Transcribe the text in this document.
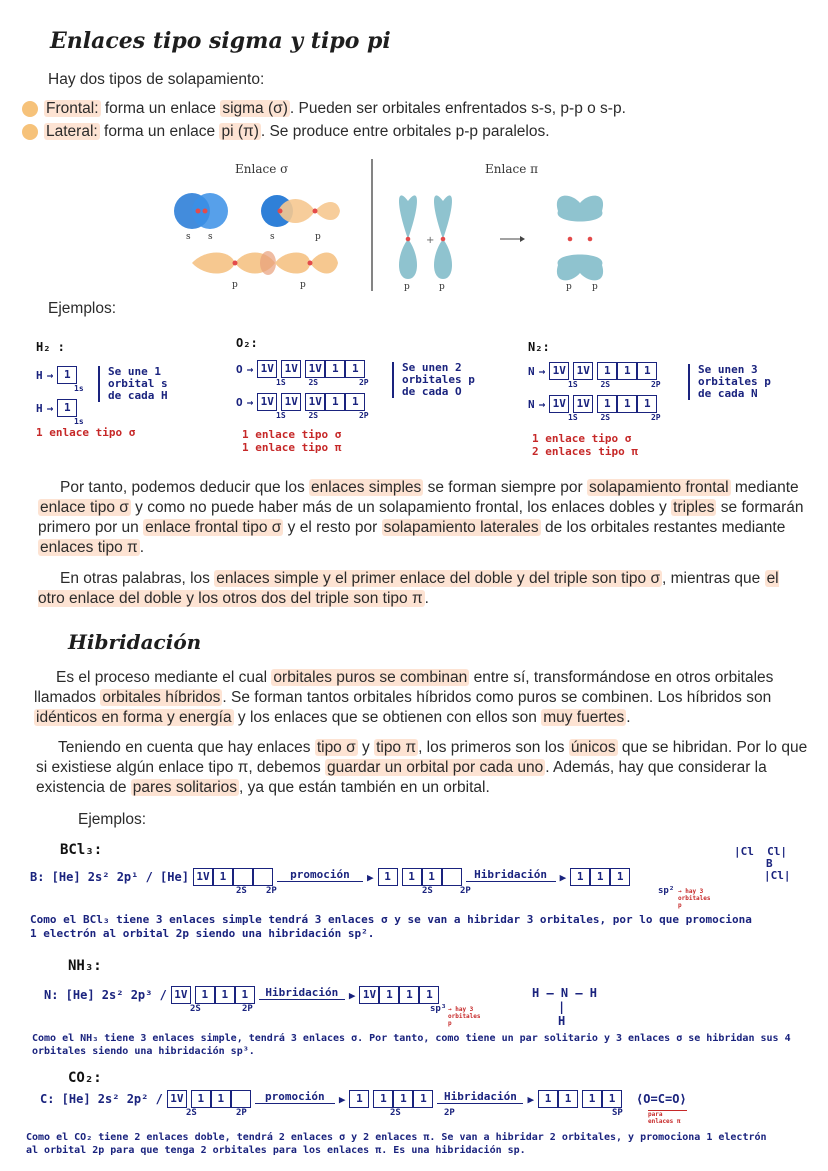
Enlaces tipo sigma y tipo pi
Hay dos tipos de solapamiento:
Frontal: forma un enlace sigma (σ) . Pueden ser orbitales enfrentados s-s, p-p o s-p.
Lateral: forma un enlace pi (π) . Se produce entre orbitales p-p paralelos.
Enlace σ	Enlace π
s s	s	p
p	p
+
p	p	p p
Ejemplos:
H₂ :
H → 1
1s
H → 1
1s
Se une 1
orbital s
de cada H
1 enlace tipo σ
O₂:
O → 1V 1V 1V 1 1
1S	2S	2P
O → 1V 1V 1V 1 1
1S	2S	2P
Se unen 2
orbitales p
de cada O
1 enlace tipo σ
1 enlace tipo π
N₂:
N → 1V 1V	1 1 1
1S	2S	2P
N → 1V 1V	1 1 1
1S	2S	2P
Se unen 3
orbitales p
de cada N
1 enlace tipo σ
2 enlaces tipo π
Por tanto, podemos deducir que los enlaces simples se forman siempre por solapamiento frontal mediante enlace tipo σ y como no puede haber más de un solapamiento frontal, los enlaces dobles y triples se formarán primero por un enlace frontal tipo σ y el resto por solapamiento laterales de los orbitales restantes mediante enlaces tipo π .
En otras palabras, los enlaces simple y el primer enlace del doble y del triple son tipo σ , mientras que el otro enlace del doble y los otros dos del triple son tipo π .
Hibridación
Es el proceso mediante el cual orbitales puros se combinan entre sí, transformándose en otros orbitales llamados orbitales híbridos . Se forman tantos orbitales híbridos como puros se combinen. Los híbridos son idénticos en forma y energía y los enlaces que se obtienen con ellos son muy fuertes .
Teniendo en cuenta que hay enlaces tipo σ y tipo π , los primeros son los únicos que se hibridan. Por lo que si existiese algún enlace tipo π, debemos guardar un orbital por cada uno . Además, hay que considerar la existencia de pares solitarios , ya que están también en un orbital.
Ejemplos:
BCl₃:
B: [He] 2s² 2p¹ / [He] 1V 1	promoción	▶ 1	1 1	Hibridación	▶ 1 1 1
2S 2P	2S	2P	sp² → hay 3 orbitales p
|Cl Cl|
B
|Cl|
Como el BCl₃ tiene 3 enlaces simple tendrá 3 enlaces σ y se van a hibridar 3 orbitales, por lo que promociona
1 electrón al orbital 2p siendo una hibridación sp².
NH₃:
N: [He] 2s² 2p³ / 1V	1 1 1	Hibridación ▶ 1V 1 1 1
2S	2P	sp³ → hay 3 orbitales p
H – N – H
|
H
Como el NH₃ tiene 3 enlaces simple, tendrá 3 enlaces σ. Por tanto, como tiene un par solitario y 3 enlaces σ se hibridan sus 4
orbitales siendo una hibridación sp³.
CO₂:
C: [He] 2s² 2p² / 1V	1 1	promoción	▶ 1	1 1 1	Hibridación ▶ 1 1	1 1	⟨O=C=O⟩
2S	2P	2S	2P	SP	para enlaces π
Como el CO₂ tiene 2 enlaces doble, tendrá 2 enlaces σ y 2 enlaces π. Se van a hibridar 2 orbitales, y promociona 1 electrón
al orbital 2p para que tenga 2 orbitales para los enlaces π. Es una hibridación sp.
